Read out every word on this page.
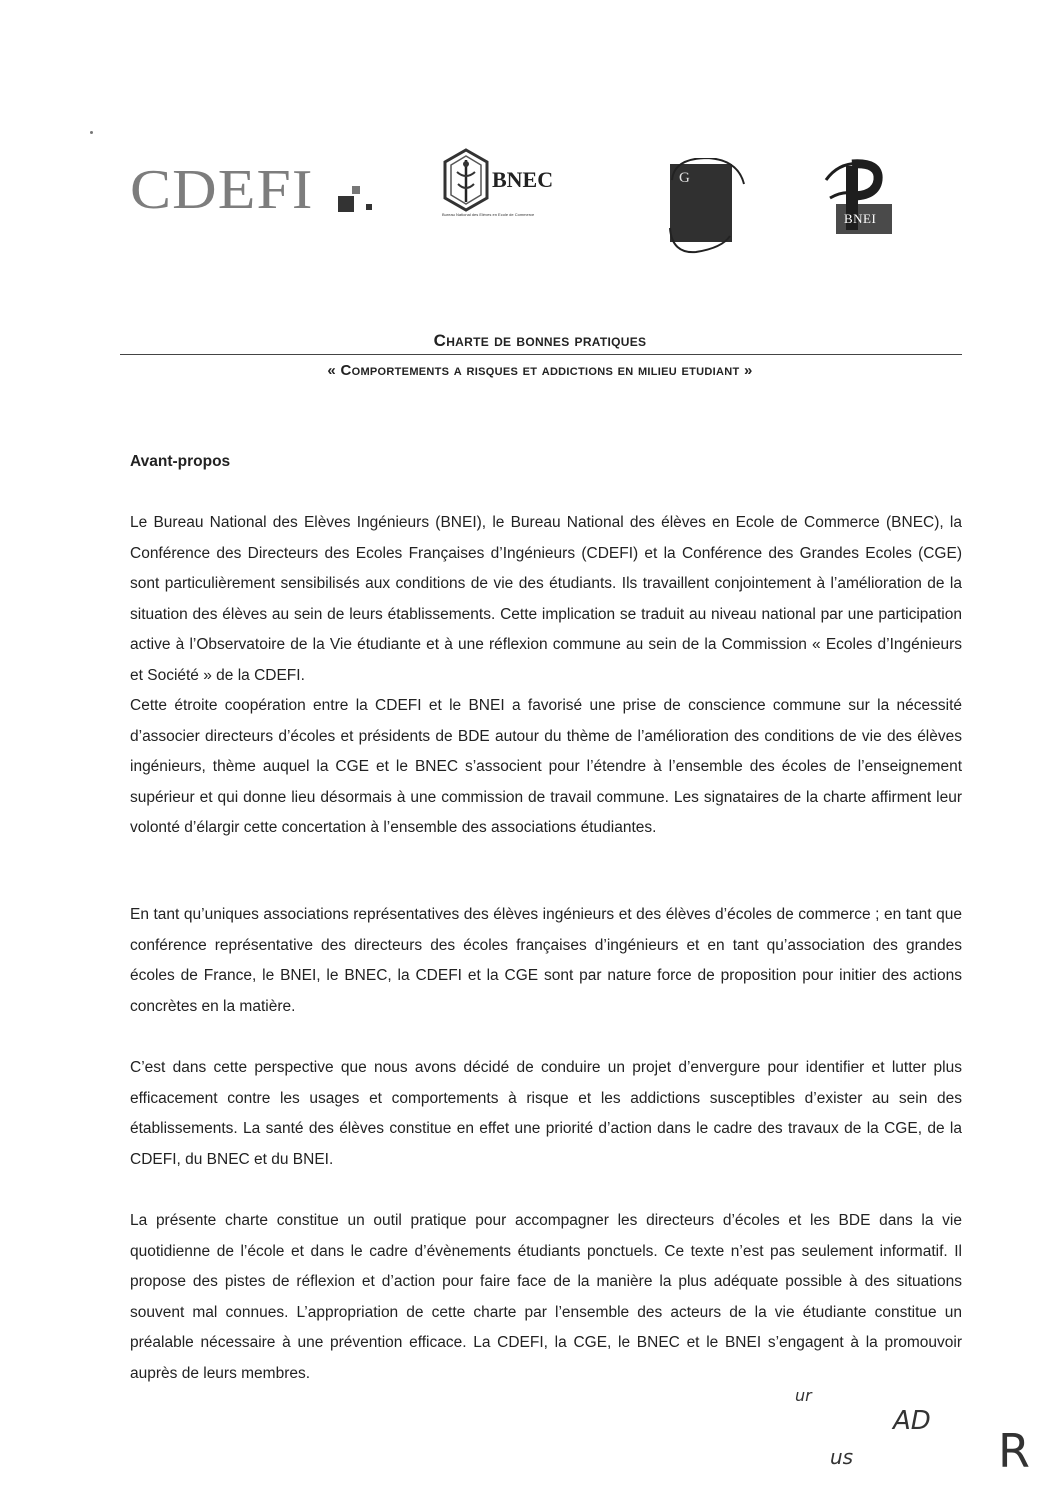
CDEFI	BNEC
Bureau National des Elèves en Ecole de Commerce
G
BNEI
Charte de bonnes pratiques
« Comportements a risques et addictions en milieu etudiant »
Avant-propos
Le Bureau National des Elèves Ingénieurs (BNEI), le Bureau National des élèves en Ecole de Commerce (BNEC), la Conférence des Directeurs des Ecoles Françaises d’Ingénieurs (CDEFI) et la Conférence des Grandes Ecoles (CGE) sont particulièrement sensibilisés aux conditions de vie des étudiants. Ils travaillent conjointement à l’amélioration de la situation des élèves au sein de leurs établissements. Cette implication se traduit au niveau national par une participation active à l’Observatoire de la Vie étudiante et à une réflexion commune au sein de la Commission « Ecoles d’Ingénieurs et Société » de la CDEFI.
Cette étroite coopération entre la CDEFI et le BNEI a favorisé une prise de conscience commune sur la nécessité d’associer directeurs d’écoles et présidents de BDE autour du thème de l’amélioration des conditions de vie des élèves ingénieurs, thème auquel la CGE et le BNEC s’associent pour l’étendre à l’ensemble des écoles de l’enseignement supérieur et qui donne lieu désormais à une commission de travail commune. Les signataires de la charte affirment leur volonté d’élargir cette concertation à l’ensemble des associations étudiantes.

En tant qu’uniques associations représentatives des élèves ingénieurs et des élèves d’écoles de commerce ; en tant que conférence représentative des directeurs des écoles françaises d’ingénieurs et en tant qu’association des grandes écoles de France, le BNEI, le BNEC, la CDEFI et la CGE sont par nature force de proposition pour initier des actions concrètes en la matière.

C’est dans cette perspective que nous avons décidé de conduire un projet d’envergure pour identifier et lutter plus efficacement contre les usages et comportements à risque et les addictions susceptibles d’exister au sein des établissements. La santé des élèves constitue en effet une priorité d’action dans le cadre des travaux de la CGE, de la CDEFI, du BNEC et du BNEI.

La présente charte constitue un outil pratique pour accompagner les directeurs d’écoles et les BDE dans la vie quotidienne de l’école et dans le cadre d’évènements étudiants ponctuels. Ce texte n’est pas seulement informatif. Il propose des pistes de réflexion et d’action pour faire face de la manière la plus adéquate possible à des situations souvent mal connues. L’appropriation de cette charte par l’ensemble des acteurs de la vie étudiante constitue un préalable nécessaire à une prévention efficace. La CDEFI, la CGE, le BNEC et le BNEI s’engagent à la promouvoir auprès de leurs membres.

ur
AD
us	R
